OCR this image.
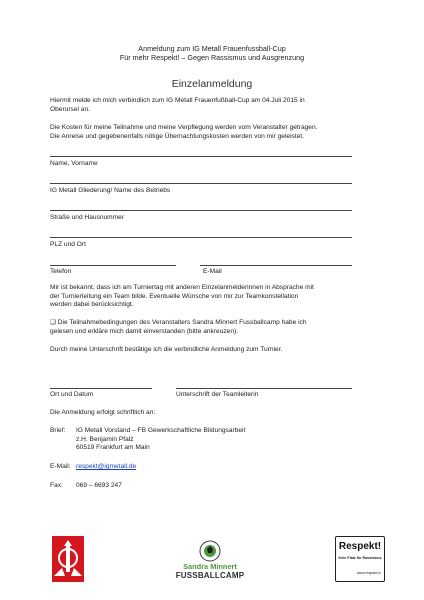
Anmeldung zum IG Metall Frauenfussball-Cup
Für mehr Respekt! – Gegen Rassismus und Ausgrenzung
Einzelanmeldung
Hiermit melde ich mich verbindlich zum IG Metall Frauenfußball-Cup am 04.Juli 2015 in
Oberursel an.
Die Kosten für meine Teilnahme und meine Verpflegung werden vom Veranstalter getragen.
Die Anreise und gegebenenfalls nötige Übernachtungskosten werden von mir geleistet.
Name, Vorname
IG Metall Gliederung/ Name des Betriebs
Straße und Hausnummer
PLZ und Ort
Telefon	E-Mail
Mir ist bekannt, dass ich am Turniertag mit anderen Einzelanmelderinnen in Absprache mit
der Turnierleitung ein Team bilde. Eventuelle Wünsche von mir zur Teamkonstellation
werden dabei berücksichtigt.
❑ Die Teilnahmebedingungen des Veranstalters Sandra Minnert Fussballcamp habe ich
gelesen und erkläre mich damit einverstanden (bitte ankreuzen).
Durch meine Unterschrift bestätige ich die verbindliche Anmeldung zum Turnier.
Ort und Datum	Unterschrift der Teamleiterin
Die Anmeldung erfolgt schriftlich an:
Brief: IG Metall Vorstand – FB Gewerkschaftliche Bildungsarbeit
z.H. Benjamin Pfalz
60519 Frankfurt am Main
E-Mail: respekt@igmetall.de
Fax: 069 – 6693 247
Sandra Minnert
FUSSBALLCAMP
Respekt!
Kein Platz für Rassismus
www.respekt.tv
